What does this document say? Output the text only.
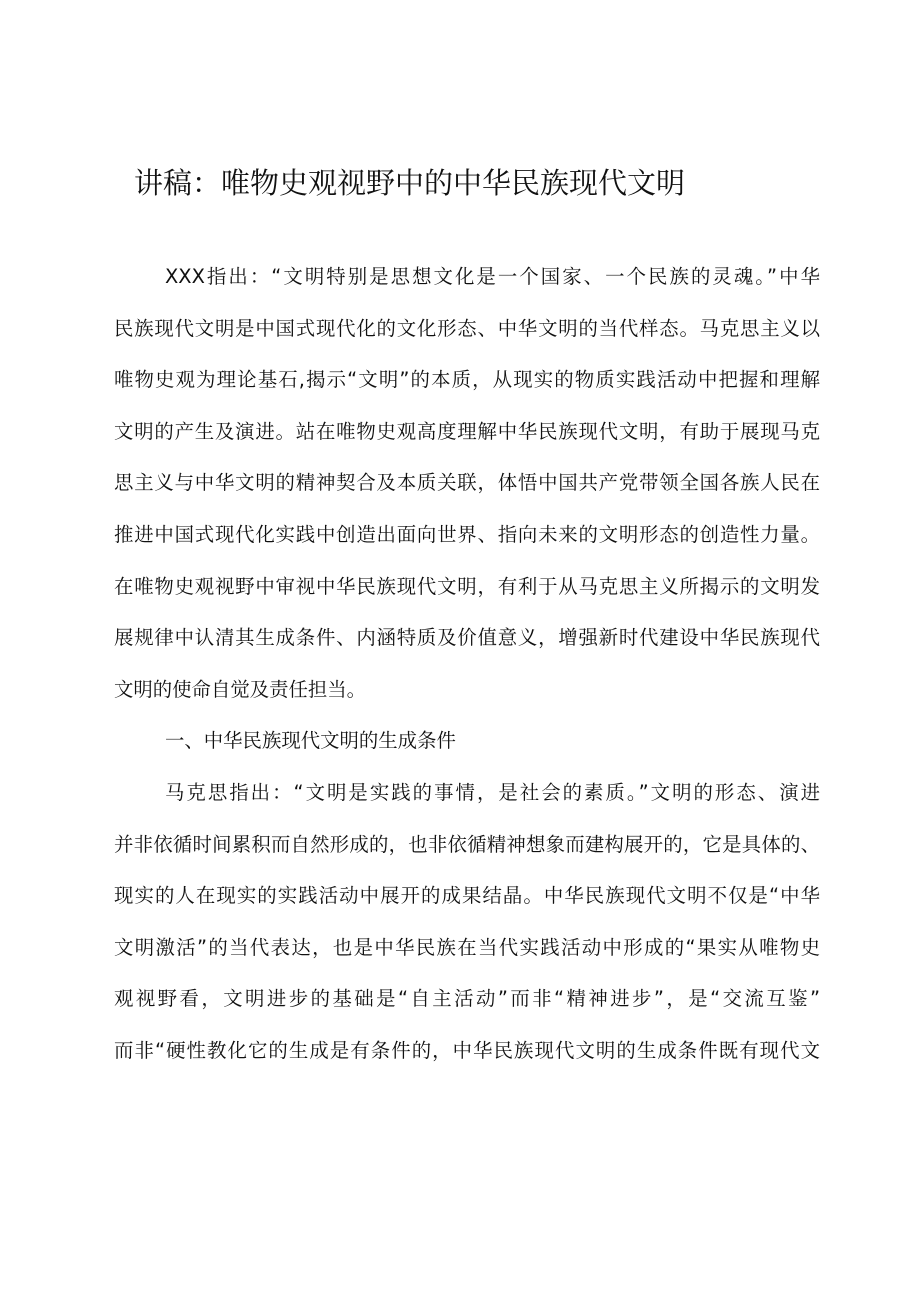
讲稿：唯物史观视野中的中华民族现代文明
XXX指出：“文明特别是思想文化是一个国家、一个民族的灵魂。”中华
民族现代文明是中国式现代化的文化形态、中华文明的当代样态。马克思主义以
唯物史观为理论基石,揭示“文明”的本质，从现实的物质实践活动中把握和理解
文明的产生及演进。站在唯物史观高度理解中华民族现代文明，有助于展现马克
思主义与中华文明的精神契合及本质关联，体悟中国共产党带领全国各族人民在
推进中国式现代化实践中创造出面向世界、指向未来的文明形态的创造性力量。
在唯物史观视野中审视中华民族现代文明，有利于从马克思主义所揭示的文明发
展规律中认清其生成条件、内涵特质及价值意义，增强新时代建设中华民族现代
文明的使命自觉及责任担当。
一、中华民族现代文明的生成条件
马克思指出：“文明是实践的事情，是社会的素质。”文明的形态、演进
并非依循时间累积而自然形成的，也非依循精神想象而建构展开的，它是具体的、
现实的人在现实的实践活动中展开的成果结晶。中华民族现代文明不仅是“中华
文明激活”的当代表达，也是中华民族在当代实践活动中形成的“果实从唯物史
观视野看，文明进步的基础是“自主活动”而非“精神进步”，是“交流互鉴”
而非“硬性教化它的生成是有条件的，中华民族现代文明的生成条件既有现代文
